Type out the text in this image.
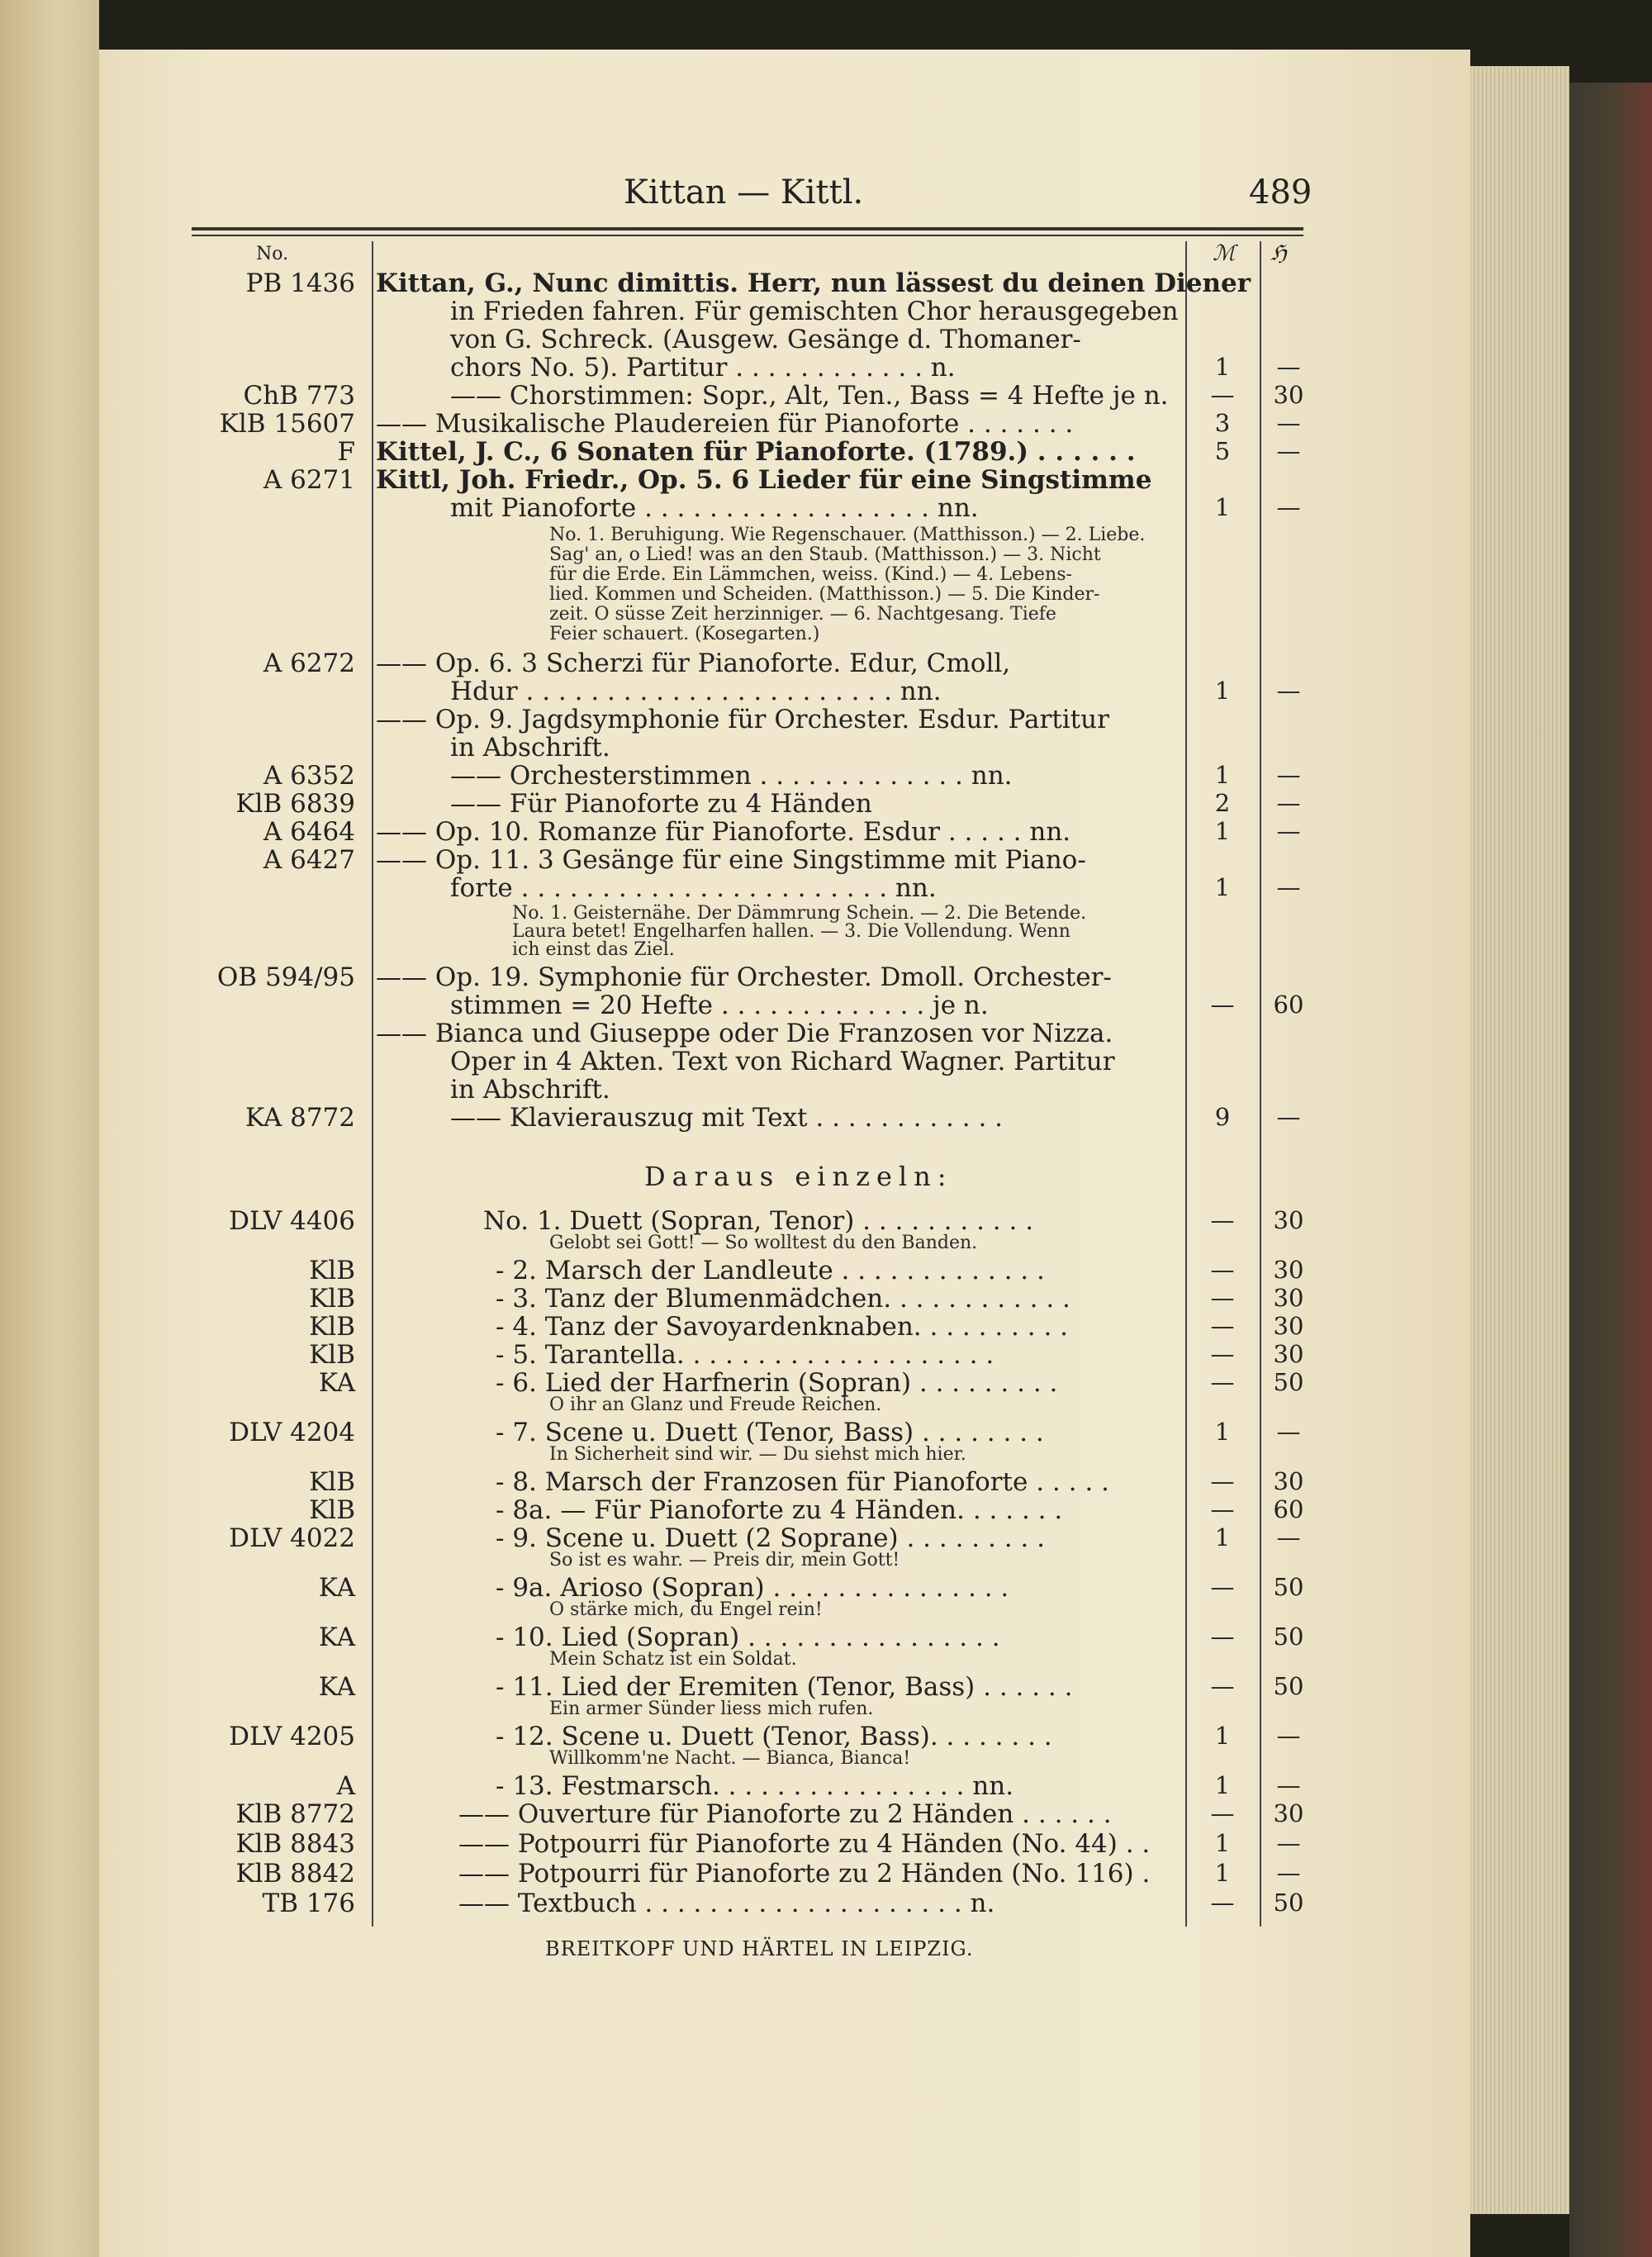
Kittan — Kittl.	489
No.	ℳ ℌ
PB 1436 Kittan, G., Nunc dimittis. Herr, nun lässest du deinen Diener
in Frieden fahren. Für gemischten Chor herausgegeben
von G. Schreck. (Ausgew. Gesänge d. Thomaner-
chors No. 5). Partitur . . . . . . . . . . . . n.	1	—
ChB 773	—— Chorstimmen: Sopr., Alt, Ten., Bass = 4 Hefte je n.	—	30
KlB 15607 —— Musikalische Plaudereien für Pianoforte . . . . . . .	3	—
F Kittel, J. C., 6 Sonaten für Pianoforte. (1789.) . . . . . .	5	—
A 6271 Kittl, Joh. Friedr., Op. 5. 6 Lieder für eine Singstimme
mit Pianoforte . . . . . . . . . . . . . . . . . . nn.	1	—
No. 1. Beruhigung. Wie Regenschauer. (Matthisson.) — 2. Liebe.
Sag' an, o Lied! was an den Staub. (Matthisson.) — 3. Nicht
für die Erde. Ein Lämmchen, weiss. (Kind.) — 4. Lebens-
lied. Kommen und Scheiden. (Matthisson.) — 5. Die Kinder-
zeit. O süsse Zeit herzinniger. — 6. Nachtgesang. Tiefe
Feier schauert. (Kosegarten.)
A 6272 —— Op. 6. 3 Scherzi für Pianoforte. Edur, Cmoll,
Hdur . . . . . . . . . . . . . . . . . . . . . . . nn.	1	—
—— Op. 9. Jagdsymphonie für Orchester. Esdur. Partitur
in Abschrift.
A 6352	—— Orchesterstimmen . . . . . . . . . . . . . nn.	1	—
KlB 6839	—— Für Pianoforte zu 4 Händen	2	—
A 6464 —— Op. 10. Romanze für Pianoforte. Esdur . . . . . nn.	1	—
A 6427 —— Op. 11. 3 Gesänge für eine Singstimme mit Piano-
forte . . . . . . . . . . . . . . . . . . . . . . . nn.	1	—
No. 1. Geisternähe. Der Dämmrung Schein. — 2. Die Betende.
Laura betet! Engelharfen hallen. — 3. Die Vollendung. Wenn
ich einst das Ziel.
OB 594/95 —— Op. 19. Symphonie für Orchester. Dmoll. Orchester-
stimmen = 20 Hefte . . . . . . . . . . . . . je n.	—	60
—— Bianca und Giuseppe oder Die Franzosen vor Nizza.
Oper in 4 Akten. Text von Richard Wagner. Partitur
in Abschrift.
KA 8772	—— Klavierauszug mit Text . . . . . . . . . . . .	9	—
DLV 4406	No. 1. Duett (Sopran, Tenor) . . . . . . . . . . .	—	30
Gelobt sei Gott! — So wolltest du den Banden.
KlB	- 2. Marsch der Landleute . . . . . . . . . . . . .	—	30
KlB	- 3. Tanz der Blumenmädchen. . . . . . . . . . . .	—	30
KlB	- 4. Tanz der Savoyardenknaben. . . . . . . . . .	—	30
KlB	- 5. Tarantella. . . . . . . . . . . . . . . . . . . .	—	30
KA	- 6. Lied der Harfnerin (Sopran) . . . . . . . . .	—	50
O ihr an Glanz und Freude Reichen.
DLV 4204	- 7. Scene u. Duett (Tenor, Bass) . . . . . . . .	1	—
In Sicherheit sind wir. — Du siehst mich hier.
KlB	- 8. Marsch der Franzosen für Pianoforte . . . . .	—	30
KlB	- 8a. — Für Pianoforte zu 4 Händen. . . . . . .	—	60
DLV 4022	- 9. Scene u. Duett (2 Soprane) . . . . . . . . .	1	—
So ist es wahr. — Preis dir, mein Gott!
KA	- 9a. Arioso (Sopran) . . . . . . . . . . . . . . .	—	50
O stärke mich, du Engel rein!
KA	- 10. Lied (Sopran) . . . . . . . . . . . . . . . .	—	50
Mein Schatz ist ein Soldat.
KA	- 11. Lied der Eremiten (Tenor, Bass) . . . . . .	—	50
Ein armer Sünder liess mich rufen.
DLV 4205	- 12. Scene u. Duett (Tenor, Bass). . . . . . . .	1	—
Willkomm'ne Nacht. — Bianca, Bianca!
A	- 13. Festmarsch. . . . . . . . . . . . . . . . nn.	1	—
KlB 8772	—— Ouverture für Pianoforte zu 2 Händen . . . . . .	—	30
KlB 8843	—— Potpourri für Pianoforte zu 4 Händen (No. 44) . .	1	—
KlB 8842	—— Potpourri für Pianoforte zu 2 Händen (No. 116) .	1	—
TB 176	—— Textbuch . . . . . . . . . . . . . . . . . . . . n.	—	50
Daraus einzeln:
BREITKOPF UND HÄRTEL IN LEIPZIG.
